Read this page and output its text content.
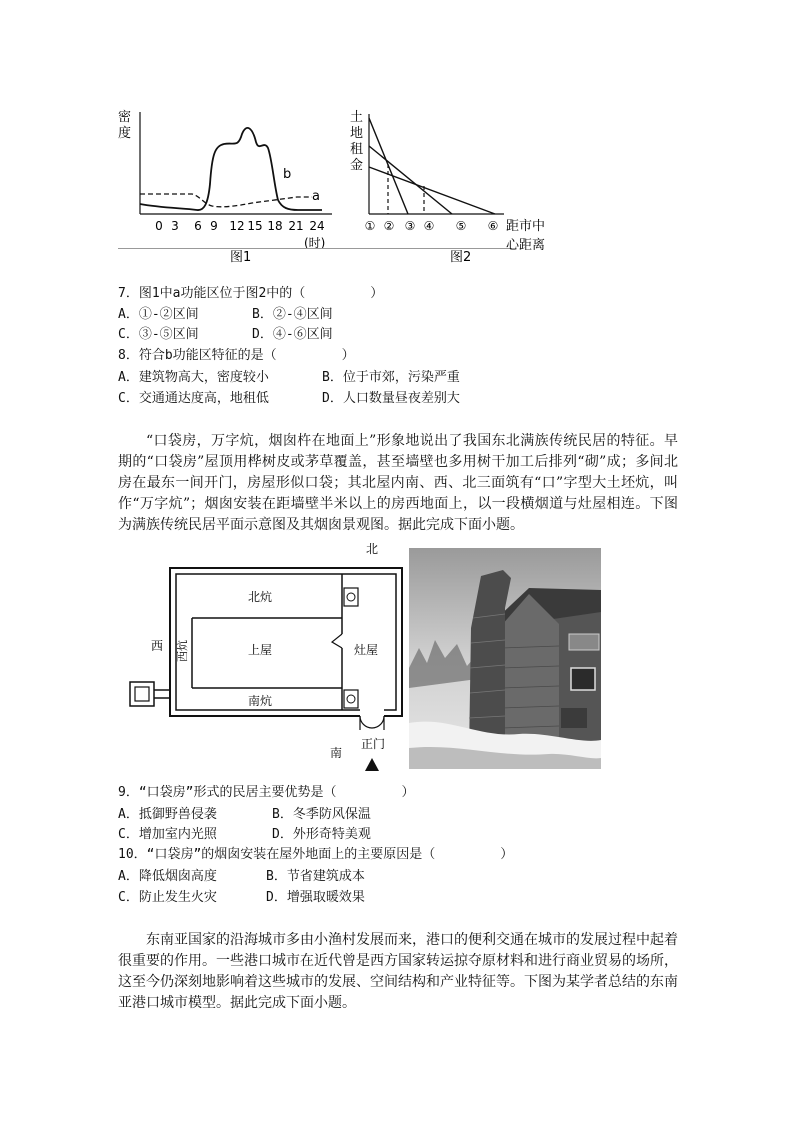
密
度
b
a
0 3 6 9 12 15 18 21 24
(时)
图1
土
地
租
金
① ② ③ ④ ⑤ ⑥ 距市中
心距离
图2
7．图1中a功能区位于图2中的（　　　　　）
A．①-②区间	B．②-④区间
C．③-⑤区间	D．④-⑥区间
8．符合b功能区特征的是（　　　　　）
A．建筑物高大，密度较小	B．位于市郊，污染严重
C．交通通达度高，地租低	D．人口数量昼夜差别大

“口袋房，万字炕，烟囱杵在地面上”形象地说出了我国东北满族传统民居的特征。早期的“口袋房”屋顶用桦树皮或茅草覆盖，甚至墙壁也多用树干加工后排列“砌”成；多间北房在最东一间开门，房屋形似口袋；其北屋内南、西、北三面筑有“口”字型大土坯炕，叫作“万字炕”；烟囱安装在距墙壁半米以上的房西地面上，以一段横烟道与灶屋相连。下图为满族传统民居平面示意图及其烟囱景观图。据此完成下面小题。

北
北炕
上屋
南炕
灶屋
西炕
西
南
正门
9．“口袋房”形式的民居主要优势是（　　　　　）
A．抵御野兽侵袭	B．冬季防风保温
C．增加室内光照	D．外形奇特美观
10．“口袋房”的烟囱安装在屋外地面上的主要原因是（　　　　　）
A．降低烟囱高度	B．节省建筑成本
C．防止发生火灾	D．增强取暖效果

东南亚国家的沿海城市多由小渔村发展而来，港口的便利交通在城市的发展过程中起着很重要的作用。一些港口城市在近代曾是西方国家转运掠夺原材料和进行商业贸易的场所，这至今仍深刻地影响着这些城市的发展、空间结构和产业特征等。下图为某学者总结的东南亚港口城市模型。据此完成下面小题。
